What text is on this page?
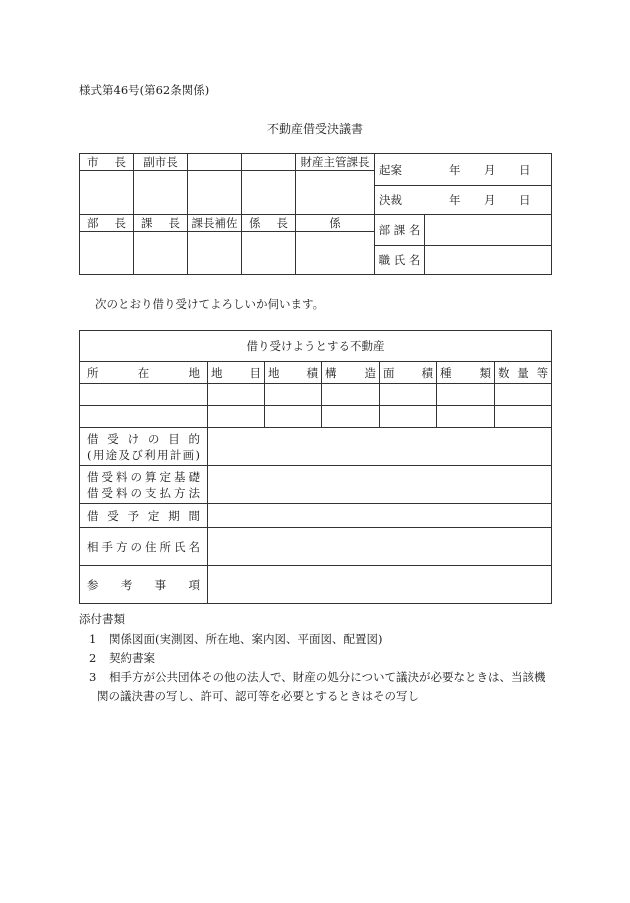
様式第46号(第62条関係)
不動産借受決議書
市　長	副市長			財産主管課長	起案 年 月 日	

					決裁 年 月 日	

部　長	課　長	課長補佐	係　長	係	部 課 名	

					職 氏 名	
次のとおり借り受けてよろしいか伺います。
借り受けようとする不動産						
所在地	地目	地積	構造	面積	種類	数量等

借受けの目的
(用途及び利用計画)						

借受料の算定基礎
借受料の支払方法						

借受予定期間						
相手方の住所氏名						
参考事項						
添付書類
1 関係図面(実測図、所在地、案内図、平面図、配置図)
2 契約書案
3 相手方が公共団体その他の法人で、財産の処分について議決が必要なときは、当該機
関の議決書の写し、許可、認可等を必要とするときはその写し
